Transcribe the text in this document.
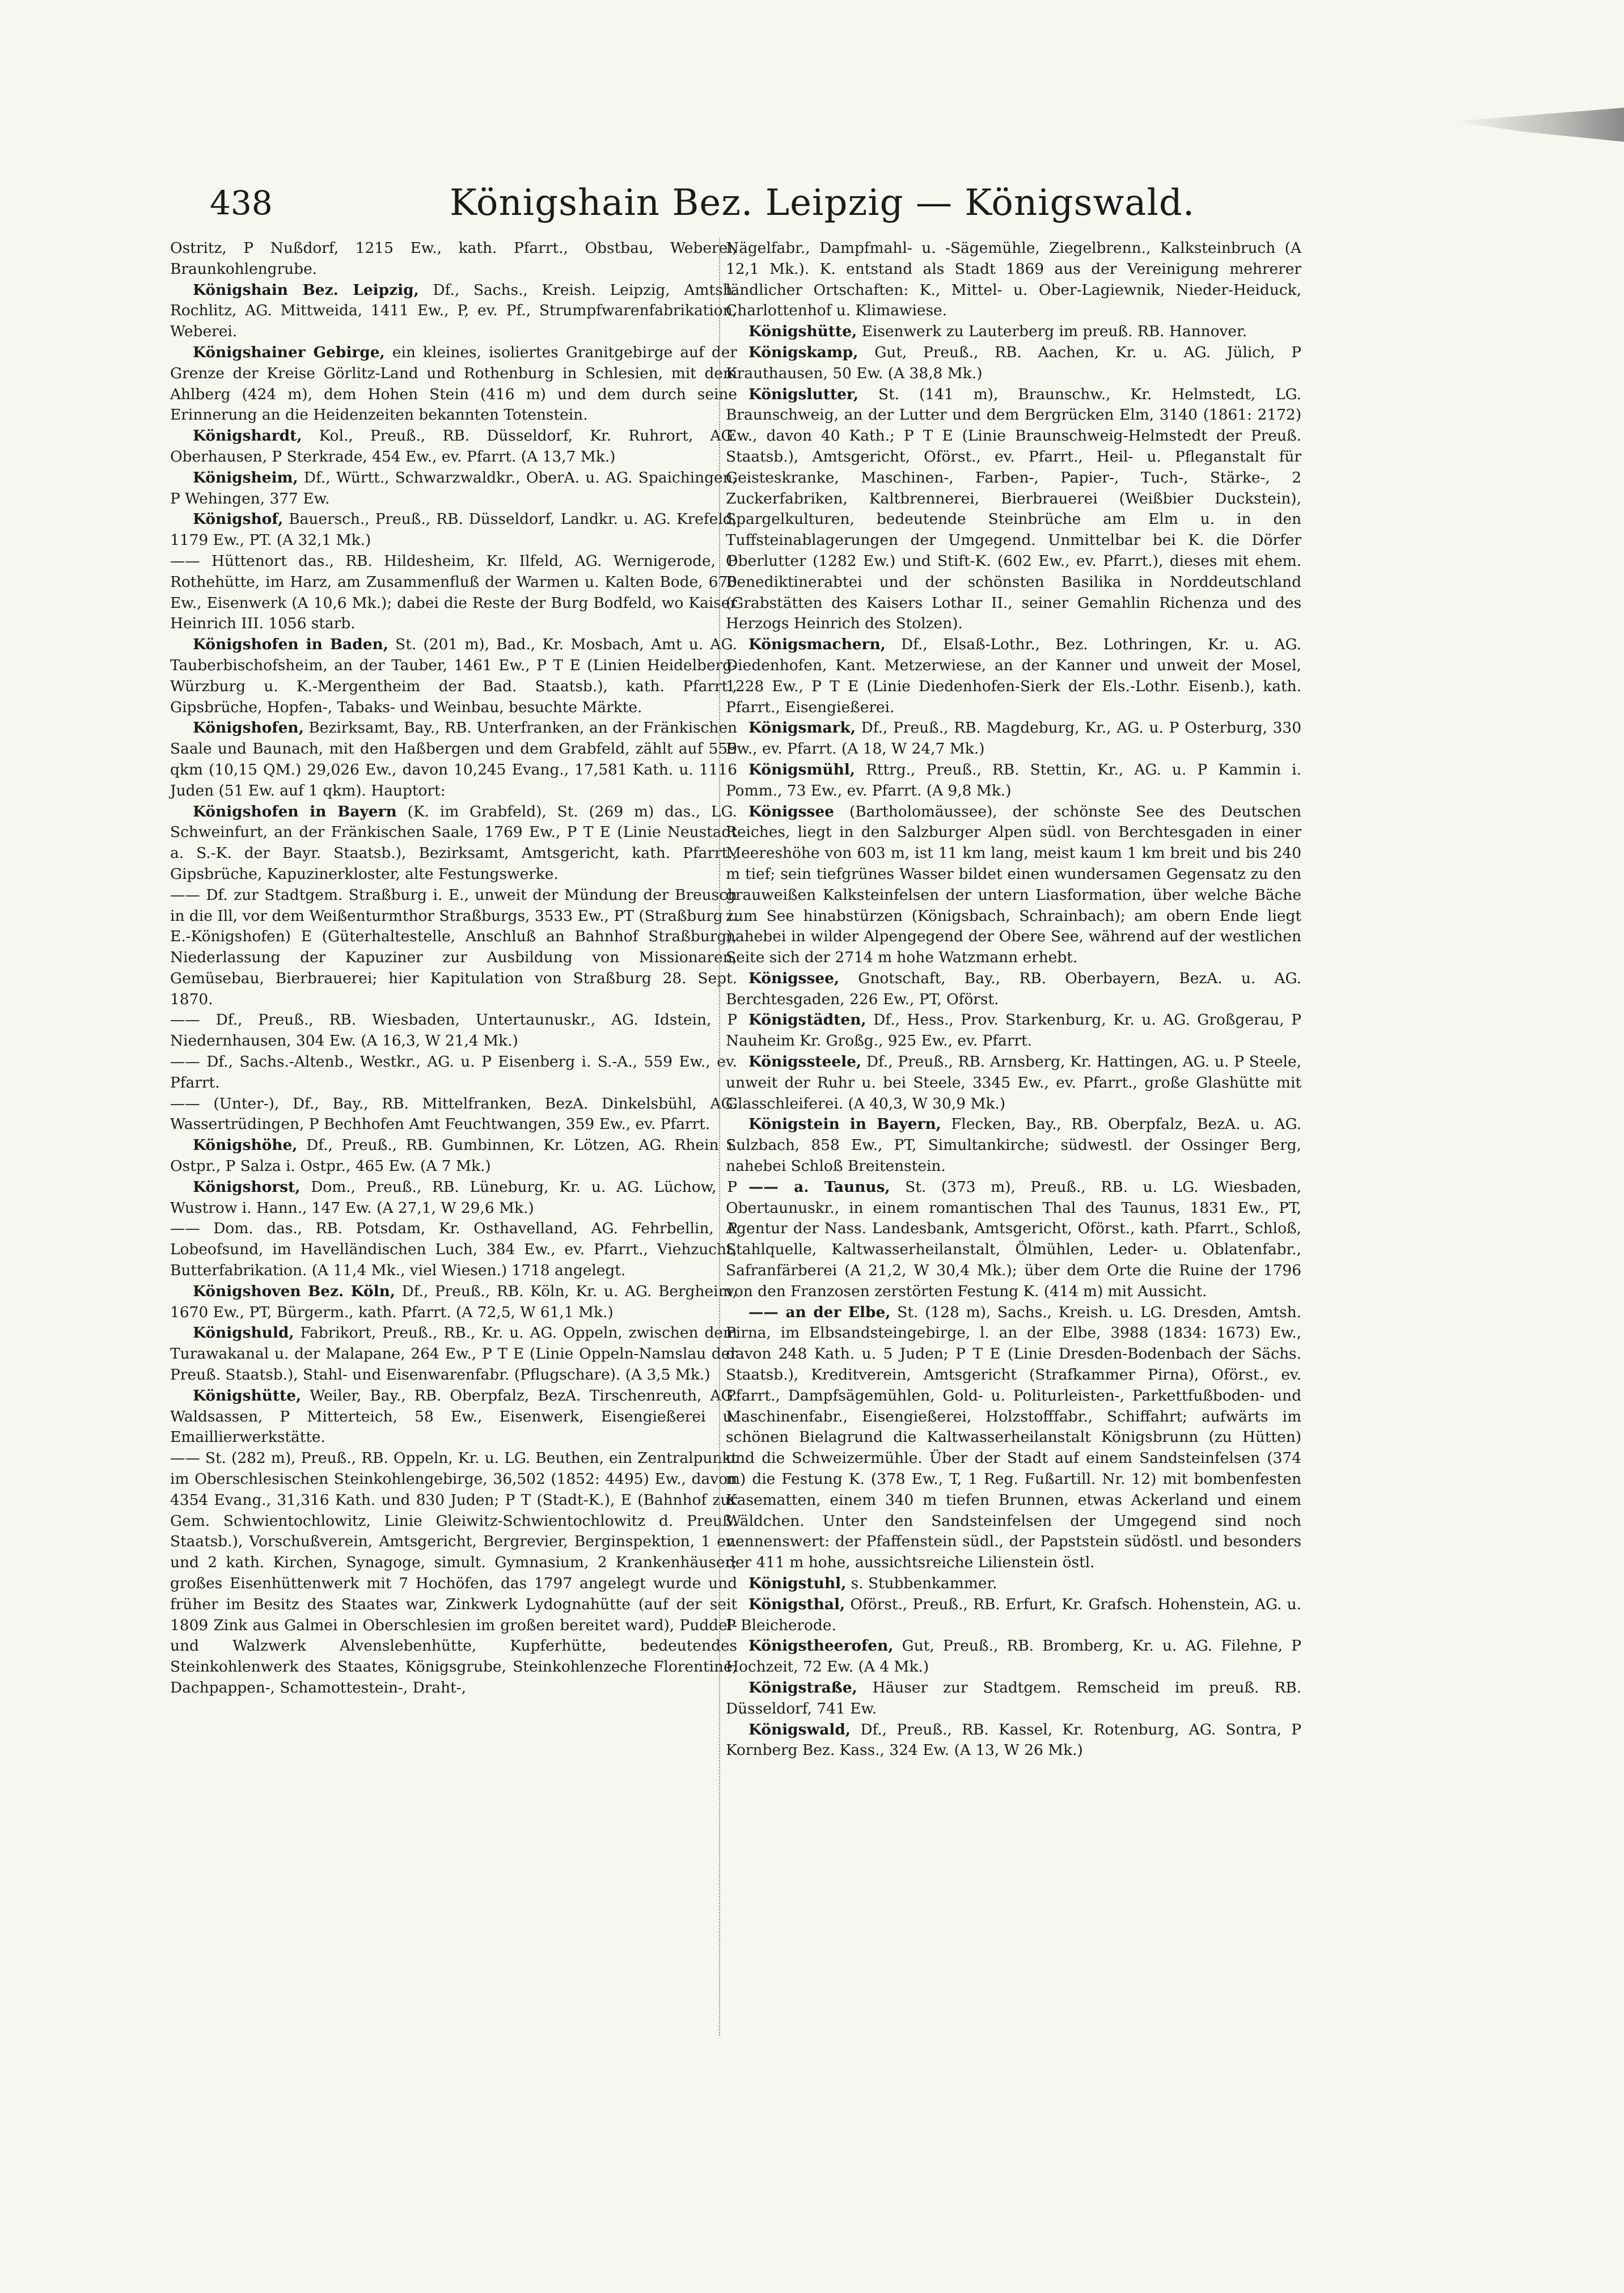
438	Königshain Bez. Leipzig — Königswald.

Ostritz, P Nußdorf, 1215 Ew., kath. Pfarrt., Obstbau, Weberei, Braunkohlengrube.

Königshain Bez. Leipzig, Df., Sachs., Kreish. Leipzig, Amtsh. Rochlitz, AG. Mittweida, 1411 Ew., P, ev. Pf., Strumpfwarenfabrikation, Weberei.

Königshainer Gebirge, ein kleines, isoliertes Granitgebirge auf der Grenze der Kreise Görlitz-Land und Rothenburg in Schlesien, mit dem Ahlberg (424 m), dem Hohen Stein (416 m) und dem durch seine Erinnerung an die Heidenzeiten bekannten Totenstein.

Königshardt, Kol., Preuß., RB. Düsseldorf, Kr. Ruhrort, AG. Oberhausen, P Sterkrade, 454 Ew., ev. Pfarrt. (A 13,7 Mk.)

Königsheim, Df., Württ., Schwarzwaldkr., OberA. u. AG. Spaichingen, P Wehingen, 377 Ew.

Königshof, Bauersch., Preuß., RB. Düsseldorf, Landkr. u. AG. Krefeld, 1179 Ew., PT. (A 32,1 Mk.)

—— Hüttenort das., RB. Hildesheim, Kr. Ilfeld, AG. Wernigerode, P Rothehütte, im Harz, am Zusammenfluß der Warmen u. Kalten Bode, 670 Ew., Eisenwerk (A 10,6 Mk.); dabei die Reste der Burg Bodfeld, wo Kaiser Heinrich III. 1056 starb.

Königshofen in Baden, St. (201 m), Bad., Kr. Mosbach, Amt u. AG. Tauberbischofsheim, an der Tauber, 1461 Ew., P T E (Linien Heidelberg-Würzburg u. K.-Mergentheim der Bad. Staatsb.), kath. Pfarrt., Gipsbrüche, Hopfen-, Tabaks- und Weinbau, besuchte Märkte.

Königshofen, Bezirksamt, Bay., RB. Unterfranken, an der Fränkischen Saale und Baunach, mit den Haßbergen und dem Grabfeld, zählt auf 559 qkm (10,15 QM.) 29,026 Ew., davon 10,245 Evang., 17,581 Kath. u. 1116 Juden (51 Ew. auf 1 qkm). Hauptort:

Königshofen in Bayern (K. im Grabfeld), St. (269 m) das., LG. Schweinfurt, an der Fränkischen Saale, 1769 Ew., P T E (Linie Neustadt a. S.-K. der Bayr. Staatsb.), Bezirksamt, Amtsgericht, kath. Pfarrt., Gipsbrüche, Kapuzinerkloster, alte Festungswerke.

—— Df. zur Stadtgem. Straßburg i. E., unweit der Mündung der Breusch in die Ill, vor dem Weißenturmthor Straßburgs, 3533 Ew., PT (Straßburg i. E.-Königshofen) E (Güterhaltestelle, Anschluß an Bahnhof Straßburg), Niederlassung der Kapuziner zur Ausbildung von Missionaren, Gemüsebau, Bierbrauerei; hier Kapitulation von Straßburg 28. Sept. 1870.

—— Df., Preuß., RB. Wiesbaden, Untertaunuskr., AG. Idstein, P Niedernhausen, 304 Ew. (A 16,3, W 21,4 Mk.)

—— Df., Sachs.-Altenb., Westkr., AG. u. P Eisenberg i. S.-A., 559 Ew., ev. Pfarrt.

—— (Unter-), Df., Bay., RB. Mittelfranken, BezA. Dinkelsbühl, AG. Wassertrüdingen, P Bechhofen Amt Feuchtwangen, 359 Ew., ev. Pfarrt.

Königshöhe, Df., Preuß., RB. Gumbinnen, Kr. Lötzen, AG. Rhein i. Ostpr., P Salza i. Ostpr., 465 Ew. (A 7 Mk.)

Königshorst, Dom., Preuß., RB. Lüneburg, Kr. u. AG. Lüchow, P Wustrow i. Hann., 147 Ew. (A 27,1, W 29,6 Mk.)

—— Dom. das., RB. Potsdam, Kr. Osthavelland, AG. Fehrbellin, P Lobeofsund, im Havelländischen Luch, 384 Ew., ev. Pfarrt., Viehzucht, Butterfabrikation. (A 11,4 Mk., viel Wiesen.) 1718 angelegt.

Königshoven Bez. Köln, Df., Preuß., RB. Köln, Kr. u. AG. Bergheim, 1670 Ew., PT, Bürgerm., kath. Pfarrt. (A 72,5, W 61,1 Mk.)

Königshuld, Fabrikort, Preuß., RB., Kr. u. AG. Oppeln, zwischen dem Turawakanal u. der Malapane, 264 Ew., P T E (Linie Oppeln-Namslau der Preuß. Staatsb.), Stahl- und Eisenwarenfabr. (Pflugschare). (A 3,5 Mk.)

Königshütte, Weiler, Bay., RB. Oberpfalz, BezA. Tirschenreuth, AG. Waldsassen, P Mitterteich, 58 Ew., Eisenwerk, Eisengießerei u. Emaillierwerkstätte.

—— St. (282 m), Preuß., RB. Oppeln, Kr. u. LG. Beuthen, ein Zentralpunkt im Oberschlesischen Steinkohlengebirge, 36,502 (1852: 4495) Ew., davon 4354 Evang., 31,316 Kath. und 830 Juden; P T (Stadt-K.), E (Bahnhof zur Gem. Schwientochlowitz, Linie Gleiwitz-Schwientochlowitz d. Preuß. Staatsb.), Vorschußverein, Amtsgericht, Bergrevier, Berginspektion, 1 ev. und 2 kath. Kirchen, Synagoge, simult. Gymnasium, 2 Krankenhäuser; großes Eisenhüttenwerk mit 7 Hochöfen, das 1797 angelegt wurde und früher im Besitz des Staates war, Zinkwerk Lydognahütte (auf der seit 1809 Zink aus Galmei in Oberschlesien im großen bereitet ward), Puddel- und Walzwerk Alvenslebenhütte, Kupferhütte, bedeutendes Steinkohlenwerk des Staates, Königsgrube, Steinkohlenzeche Florentine, Dachpappen-, Schamottestein-, Draht-,

Nägelfabr., Dampfmahl- u. -Sägemühle, Ziegelbrenn., Kalksteinbruch (A 12,1 Mk.). K. entstand als Stadt 1869 aus der Vereinigung mehrerer ländlicher Ortschaften: K., Mittel- u. Ober-Lagiewnik, Nieder-Heiduck, Charlottenhof u. Klimawiese.

Königshütte, Eisenwerk zu Lauterberg im preuß. RB. Hannover.

Königskamp, Gut, Preuß., RB. Aachen, Kr. u. AG. Jülich, P Krauthausen, 50 Ew. (A 38,8 Mk.)

Königslutter, St. (141 m), Braunschw., Kr. Helmstedt, LG. Braunschweig, an der Lutter und dem Bergrücken Elm, 3140 (1861: 2172) Ew., davon 40 Kath.; P T E (Linie Braunschweig-Helmstedt der Preuß. Staatsb.), Amtsgericht, Oförst., ev. Pfarrt., Heil- u. Pfleganstalt für Geisteskranke, Maschinen-, Farben-, Papier-, Tuch-, Stärke-, 2 Zuckerfabriken, Kaltbrennerei, Bierbrauerei (Weißbier Duckstein), Spargelkulturen, bedeutende Steinbrüche am Elm u. in den Tuffsteinablagerungen der Umgegend. Unmittelbar bei K. die Dörfer Oberlutter (1282 Ew.) und Stift-K. (602 Ew., ev. Pfarrt.), dieses mit ehem. Benediktinerabtei und der schönsten Basilika in Norddeutschland (Grabstätten des Kaisers Lothar II., seiner Gemahlin Richenza und des Herzogs Heinrich des Stolzen).

Königsmachern, Df., Elsaß-Lothr., Bez. Lothringen, Kr. u. AG. Diedenhofen, Kant. Metzerwiese, an der Kanner und unweit der Mosel, 1228 Ew., P T E (Linie Diedenhofen-Sierk der Els.-Lothr. Eisenb.), kath. Pfarrt., Eisengießerei.

Königsmark, Df., Preuß., RB. Magdeburg, Kr., AG. u. P Osterburg, 330 Ew., ev. Pfarrt. (A 18, W 24,7 Mk.)

Königsmühl, Rttrg., Preuß., RB. Stettin, Kr., AG. u. P Kammin i. Pomm., 73 Ew., ev. Pfarrt. (A 9,8 Mk.)

Königssee (Bartholomäussee), der schönste See des Deutschen Reiches, liegt in den Salzburger Alpen südl. von Berchtesgaden in einer Meereshöhe von 603 m, ist 11 km lang, meist kaum 1 km breit und bis 240 m tief; sein tiefgrünes Wasser bildet einen wundersamen Gegensatz zu den grauweißen Kalksteinfelsen der untern Liasformation, über welche Bäche zum See hinabstürzen (Königsbach, Schrainbach); am obern Ende liegt nahebei in wilder Alpengegend der Obere See, während auf der westlichen Seite sich der 2714 m hohe Watzmann erhebt.

Königssee, Gnotschaft, Bay., RB. Oberbayern, BezA. u. AG. Berchtesgaden, 226 Ew., PT, Oförst.

Königstädten, Df., Hess., Prov. Starkenburg, Kr. u. AG. Großgerau, P Nauheim Kr. Großg., 925 Ew., ev. Pfarrt.

Königssteele, Df., Preuß., RB. Arnsberg, Kr. Hattingen, AG. u. P Steele, unweit der Ruhr u. bei Steele, 3345 Ew., ev. Pfarrt., große Glashütte mit Glasschleiferei. (A 40,3, W 30,9 Mk.)

Königstein in Bayern, Flecken, Bay., RB. Oberpfalz, BezA. u. AG. Sulzbach, 858 Ew., PT, Simultankirche; südwestl. der Ossinger Berg, nahebei Schloß Breitenstein.

—— a. Taunus, St. (373 m), Preuß., RB. u. LG. Wiesbaden, Obertaunuskr., in einem romantischen Thal des Taunus, 1831 Ew., PT, Agentur der Nass. Landesbank, Amtsgericht, Oförst., kath. Pfarrt., Schloß, Stahlquelle, Kaltwasserheilanstalt, Ölmühlen, Leder- u. Oblatenfabr., Safranfärberei (A 21,2, W 30,4 Mk.); über dem Orte die Ruine der 1796 von den Franzosen zerstörten Festung K. (414 m) mit Aussicht.

—— an der Elbe, St. (128 m), Sachs., Kreish. u. LG. Dresden, Amtsh. Pirna, im Elbsandsteingebirge, l. an der Elbe, 3988 (1834: 1673) Ew., davon 248 Kath. u. 5 Juden; P T E (Linie Dresden-Bodenbach der Sächs. Staatsb.), Kreditverein, Amtsgericht (Strafkammer Pirna), Oförst., ev. Pfarrt., Dampfsägemühlen, Gold- u. Politurleisten-, Parkettfußboden- und Maschinenfabr., Eisengießerei, Holzstofffabr., Schiffahrt; aufwärts im schönen Bielagrund die Kaltwasserheilanstalt Königsbrunn (zu Hütten) und die Schweizermühle. Über der Stadt auf einem Sandsteinfelsen (374 m) die Festung K. (378 Ew., T, 1 Reg. Fußartill. Nr. 12) mit bombenfesten Kasematten, einem 340 m tiefen Brunnen, etwas Ackerland und einem Wäldchen. Unter den Sandsteinfelsen der Umgegend sind noch nennenswert: der Pfaffenstein südl., der Papststein südöstl. und besonders der 411 m hohe, aussichtsreiche Lilienstein östl.

Königstuhl, s. Stubbenkammer.

Königsthal, Oförst., Preuß., RB. Erfurt, Kr. Grafsch. Hohenstein, AG. u. P Bleicherode.

Königstheerofen, Gut, Preuß., RB. Bromberg, Kr. u. AG. Filehne, P Hochzeit, 72 Ew. (A 4 Mk.)

Königstraße, Häuser zur Stadtgem. Remscheid im preuß. RB. Düsseldorf, 741 Ew.

Königswald, Df., Preuß., RB. Kassel, Kr. Rotenburg, AG. Sontra, P Kornberg Bez. Kass., 324 Ew. (A 13, W 26 Mk.)
